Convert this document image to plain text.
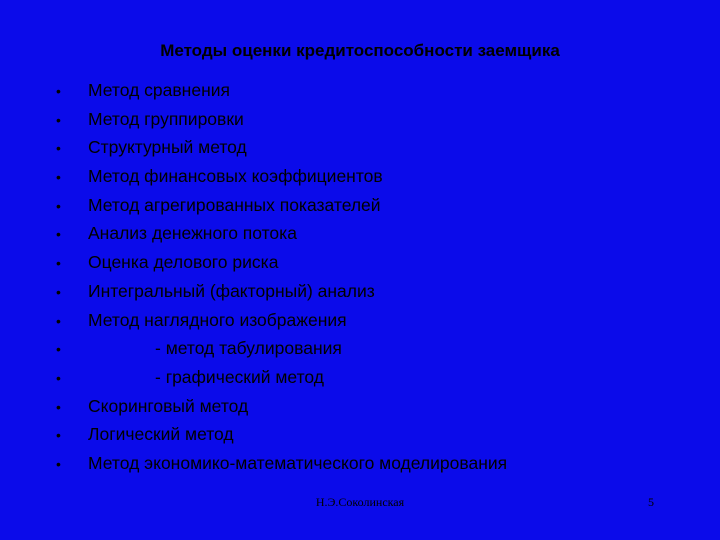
Методы оценки кредитоспособности заемщика
•	Метод сравнения
•	Метод группировки
•	Структурный метод
•	Метод финансовых коэффициентов
•	Метод агрегированных показателей
•	Анализ денежного потока
•	Оценка делового риска
•	Интегральный (факторный) анализ
•	Метод наглядного изображения
•	- метод табулирования
•	- графический метод
•	Скоринговый метод
•	Логический метод
•	Метод экономико-математического моделирования
Н.Э.Соколинская	5
